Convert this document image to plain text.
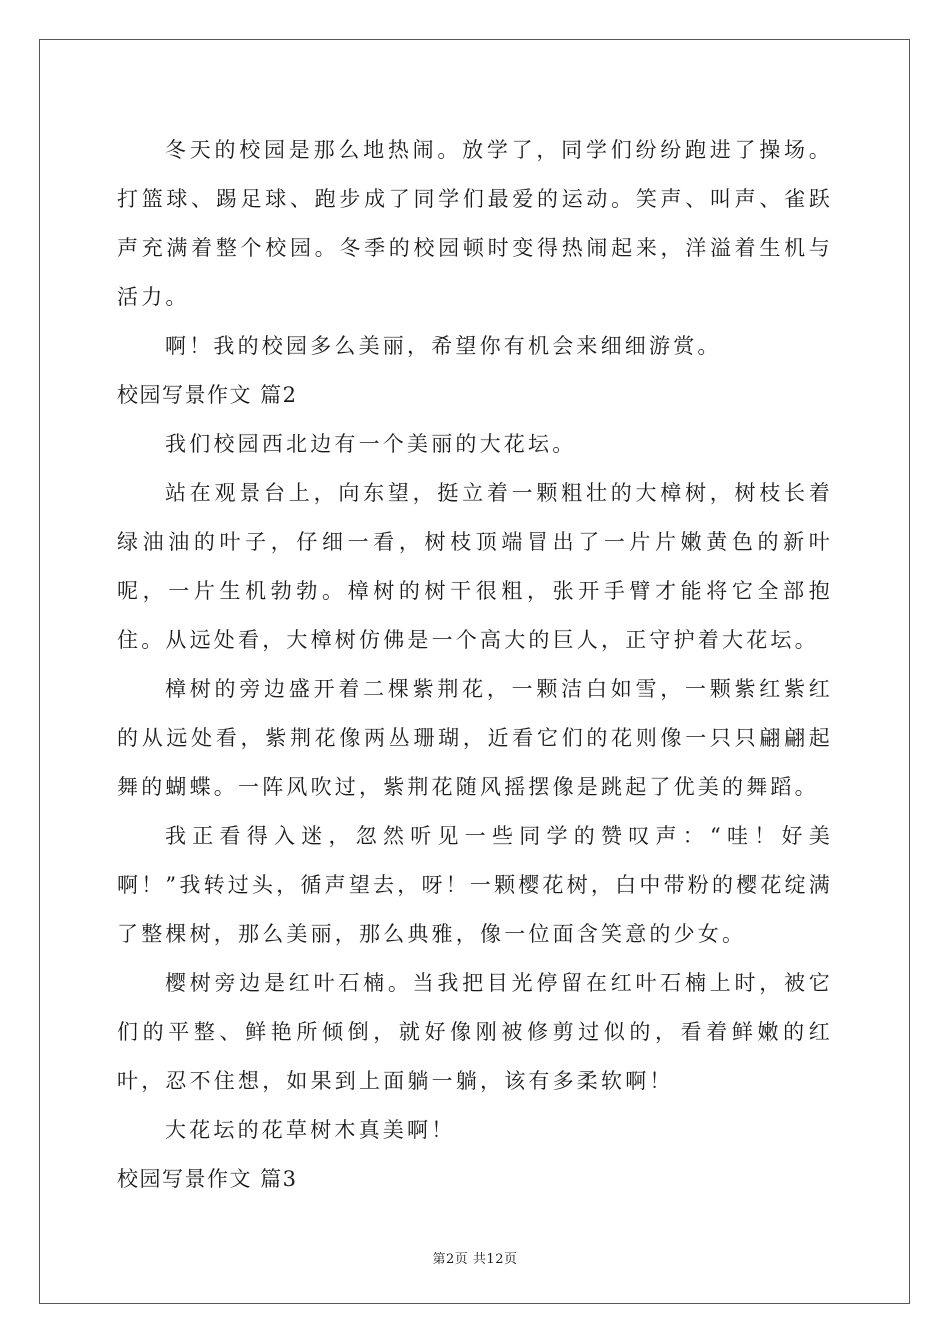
冬天的校园是那么地热闹。放学了，同学们纷纷跑进了操场。打篮球、踢足球、跑步成了同学们最爱的运动。笑声、叫声、雀跃声充满着整个校园。冬季的校园顿时变得热闹起来，洋溢着生机与活力。

啊！我的校园多么美丽，希望你有机会来细细游赏。

校园写景作文 篇2

我们校园西北边有一个美丽的大花坛。

站在观景台上，向东望，挺立着一颗粗壮的大樟树，树枝长着绿油油的叶子，仔细一看，树枝顶端冒出了一片片嫩黄色的新叶呢，一片生机勃勃。樟树的树干很粗，张开手臂才能将它全部抱住。从远处看，大樟树仿佛是一个高大的巨人，正守护着大花坛。

樟树的旁边盛开着二棵紫荆花，一颗洁白如雪，一颗紫红紫红的从远处看，紫荆花像两丛珊瑚，近看它们的花则像一只只翩翩起舞的蝴蝶。一阵风吹过，紫荆花随风摇摆像是跳起了优美的舞蹈。

我正看得入迷，忽然听见一些同学的赞叹声：“哇！好美啊！”我转过头，循声望去，呀！一颗樱花树，白中带粉的樱花绽满了整棵树，那么美丽，那么典雅，像一位面含笑意的少女。

樱树旁边是红叶石楠。当我把目光停留在红叶石楠上时，被它们的平整、鲜艳所倾倒，就好像刚被修剪过似的，看着鲜嫩的红叶，忍不住想，如果到上面躺一躺，该有多柔软啊！

大花坛的花草树木真美啊！

校园写景作文 篇3

第2页 共12页
